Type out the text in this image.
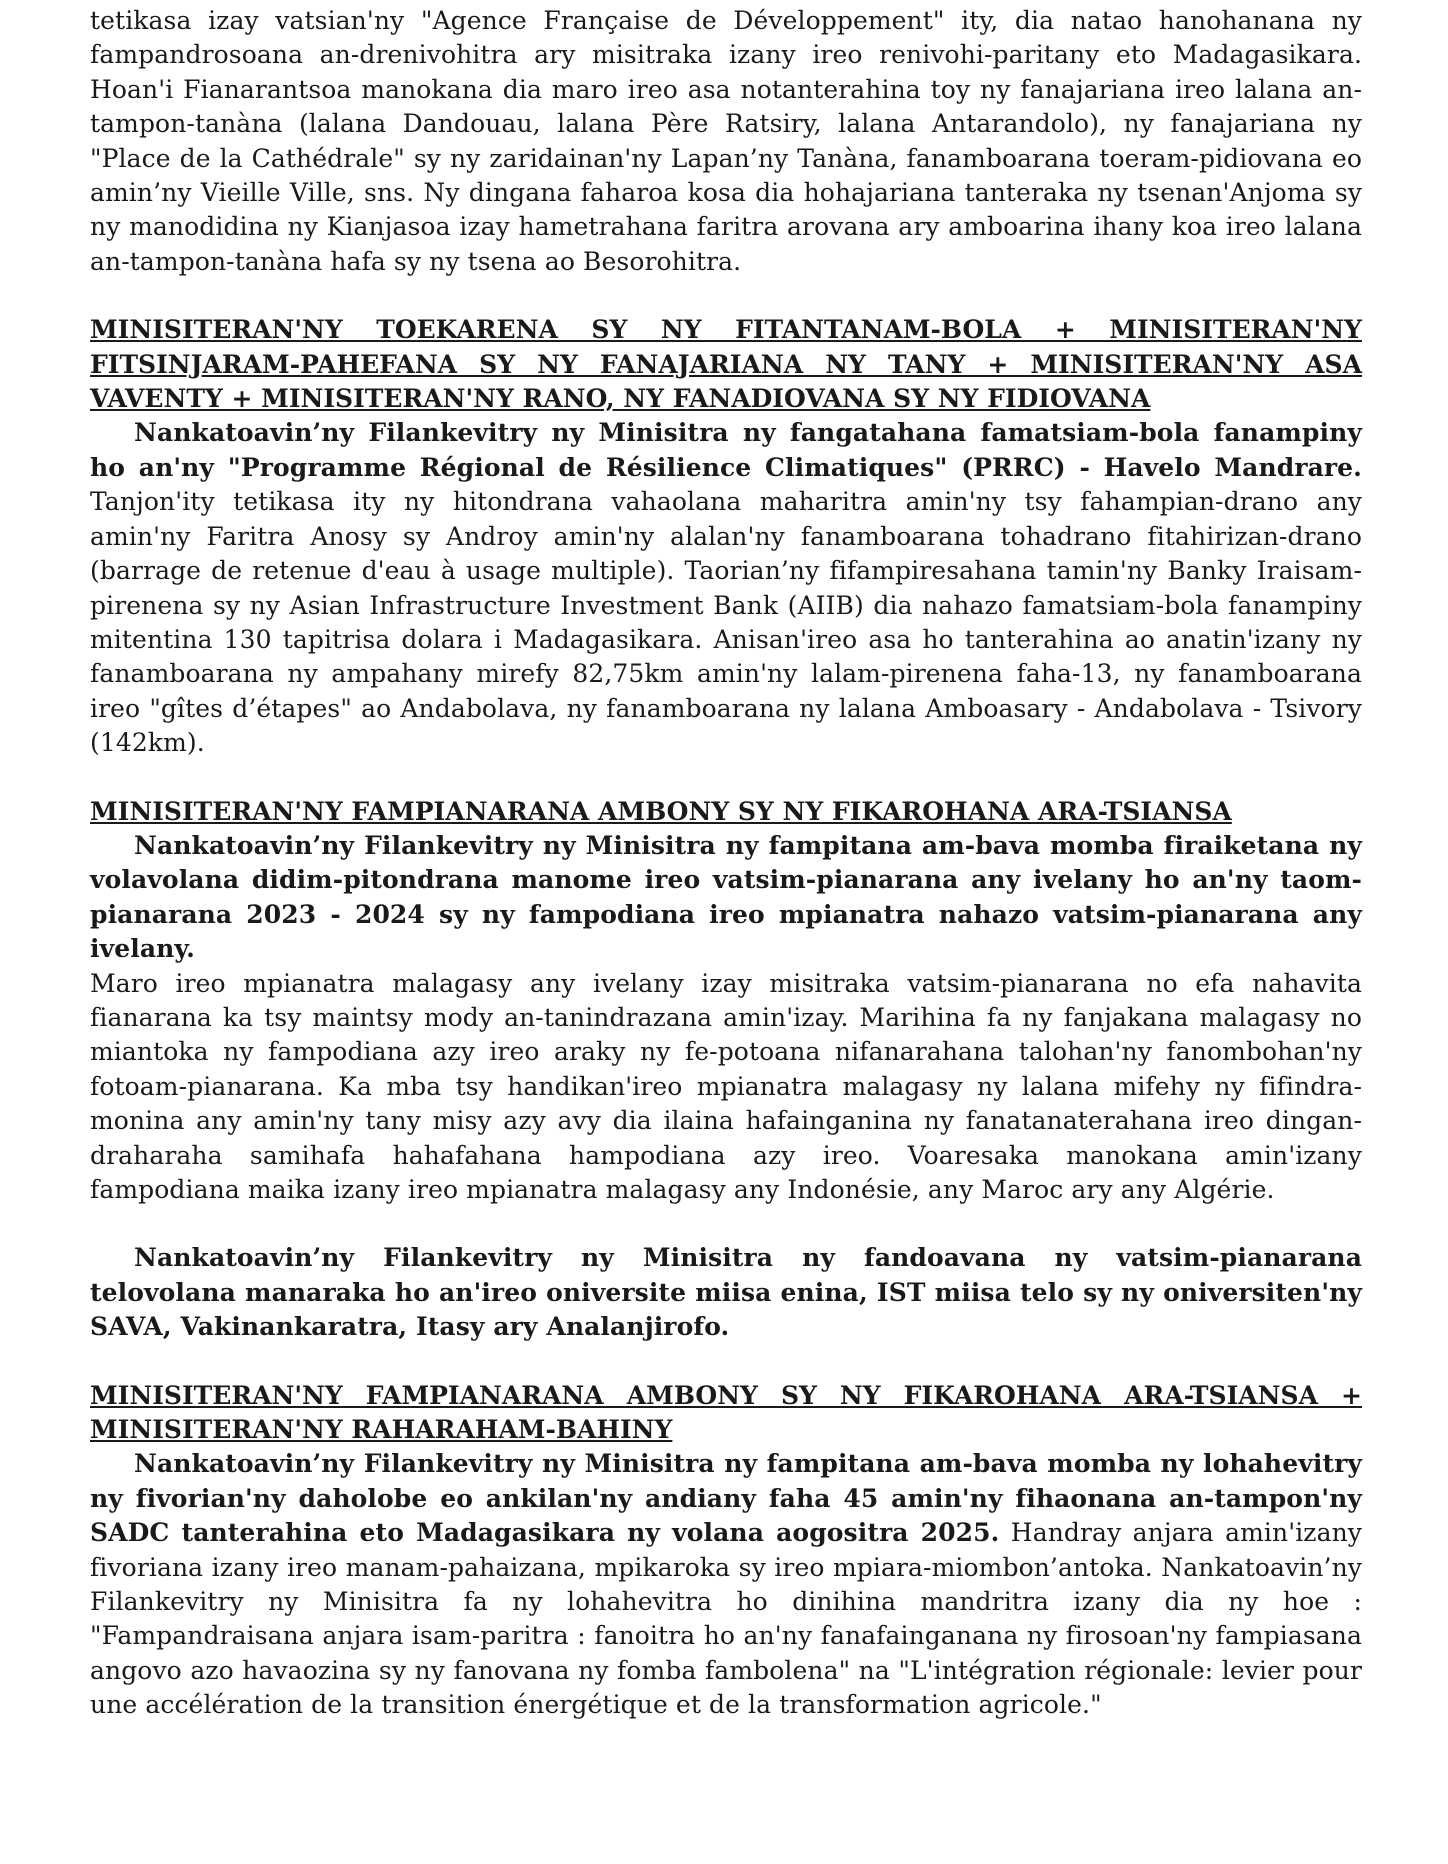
tetikasa izay vatsian'ny "Agence Française de Développement" ity, dia natao hanohanana ny fampandrosoana an-drenivohitra ary misitraka izany ireo renivohi-paritany eto Madagasikara. Hoan'i Fianarantsoa manokana dia maro ireo asa notanterahina toy ny fanajariana ireo lalana an-tampon-tanàna (lalana Dandouau, lalana Père Ratsiry, lalana Antarandolo), ny fanajariana ny "Place de la Cathédrale" sy ny zaridainan'ny Lapan’ny Tanàna, fanamboarana toeram-pidiovana eo amin’ny Vieille Ville, sns. Ny dingana faharoa kosa dia hohajariana tanteraka ny tsenan'Anjoma sy ny manodidina ny Kianjasoa izay hametrahana faritra arovana ary amboarina ihany koa ireo lalana an-tampon-tanàna hafa sy ny tsena ao Besorohitra.

MINISITERAN'NY TOEKARENA SY NY FITANTANAM-BOLA + MINISITERAN'NY FITSINJARAM-PAHEFANA SY NY FANAJARIANA NY TANY + MINISITERAN'NY ASA VAVENTY + MINISITERAN'NY RANO, NY FANADIOVANA SY NY FIDIOVANA

Nankatoavin’ny Filankevitry ny Minisitra ny fangatahana famatsiam-bola fanampiny ho an'ny "Programme Régional de Résilience Climatiques" (PRRC) - Havelo Mandrare. Tanjon'ity tetikasa ity ny hitondrana vahaolana maharitra amin'ny tsy fahampian-drano any amin'ny Faritra Anosy sy Androy amin'ny alalan'ny fanamboarana tohadrano fitahirizan-drano (barrage de retenue d'eau à usage multiple). Taorian’ny fifampiresahana tamin'ny Banky Iraisam-pirenena sy ny Asian Infrastructure Investment Bank (AIIB) dia nahazo famatsiam-bola fanampiny mitentina 130 tapitrisa dolara i Madagasikara. Anisan'ireo asa ho tanterahina ao anatin'izany ny fanamboarana ny ampahany mirefy 82,75km amin'ny lalam-pirenena faha-13, ny fanamboarana ireo "gîtes d’étapes" ao Andabolava, ny fanamboarana ny lalana Amboasary - Andabolava - Tsivory (142km).

MINISITERAN'NY FAMPIANARANA AMBONY SY NY FIKAROHANA ARA-TSIANSA

Nankatoavin’ny Filankevitry ny Minisitra ny fampitana am-bava momba firaiketana ny volavolana didim-pitondrana manome ireo vatsim-pianarana any ivelany ho an'ny taom-pianarana 2023 - 2024 sy ny fampodiana ireo mpianatra nahazo vatsim-pianarana any ivelany.

Maro ireo mpianatra malagasy any ivelany izay misitraka vatsim-pianarana no efa nahavita fianarana ka tsy maintsy mody an-tanindrazana amin'izay. Marihina fa ny fanjakana malagasy no miantoka ny fampodiana azy ireo araky ny fe-potoana nifanarahana talohan'ny fanombohan'ny fotoam-pianarana. Ka mba tsy handikan'ireo mpianatra malagasy ny lalana mifehy ny fifindra-monina any amin'ny tany misy azy avy dia ilaina hafainganina ny fanatanaterahana ireo dingan-draharaha samihafa hahafahana hampodiana azy ireo. Voaresaka manokana amin'izany fampodiana maika izany ireo mpianatra malagasy any Indonésie, any Maroc ary any Algérie.

Nankatoavin’ny Filankevitry ny Minisitra ny fandoavana ny vatsim-pianarana telovolana manaraka ho an'ireo oniversite miisa enina, IST miisa telo sy ny oniversiten'ny SAVA, Vakinankaratra, Itasy ary Analanjirofo.

MINISITERAN'NY FAMPIANARANA AMBONY SY NY FIKAROHANA ARA-TSIANSA + MINISITERAN'NY RAHARAHAM-BAHINY

Nankatoavin’ny Filankevitry ny Minisitra ny fampitana am-bava momba ny lohahevitry ny fivorian'ny daholobe eo ankilan'ny andiany faha 45 amin'ny fihaonana an-tampon'ny SADC tanterahina eto Madagasikara ny volana aogositra 2025. Handray anjara amin'izany fivoriana izany ireo manam-pahaizana, mpikaroka sy ireo mpiara-miombon’antoka. Nankatoavin’ny Filankevitry ny Minisitra fa ny lohahevitra ho dinihina mandritra izany dia ny hoe : "Fampandraisana anjara isam-paritra : fanoitra ho an'ny fanafainganana ny firosoan'ny fampiasana angovo azo havaozina sy ny fanovana ny fomba fambolena" na "L'intégration régionale: levier pour une accélération de la transition énergétique et de la transformation agricole."
